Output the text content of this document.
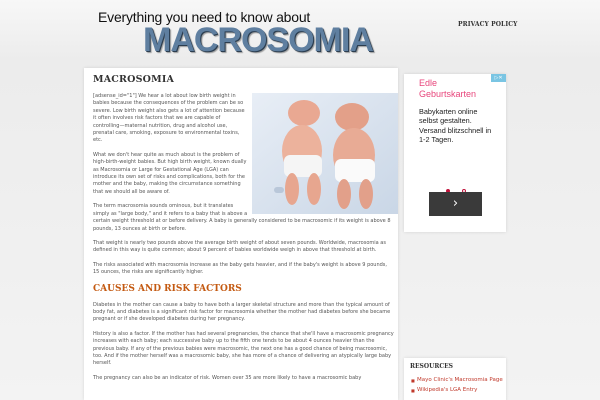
Everything you need to know about
MACROSOMIA	PRIVACY POLICY
MACROSOMIA

[adsense_id="1"] We hear a lot about low birth weight in babies because the consequences of the problem can be so severe. Low birth weight also gets a lot of attention because it often involves risk factors that we are capable of controlling—maternal nutrition, drug and alcohol use, prenatal care, smoking, exposure to environmental toxins, etc.

What we don't hear quite as much about is the problem of high-birth-weight babies. But high birth weight, known dually as Macrosomia or Large for Gestational Age (LGA) can introduce its own set of risks and complications, both for the mother and the baby, making the circumstance something that we should all be aware of.

The term macrosomia sounds ominous, but it translates simply as "large body," and it refers to a baby that is above a certain weight threshold at or before delivery. A baby is generally considered to be macrosomic if its weight is above 8 pounds, 13 ounces at birth or before.

That weight is nearly two pounds above the average birth weight of about seven pounds. Worldwide, macrosomia as defined in this way is quite common; about 9 percent of babies worldwide weigh in above that threshold at birth.

The risks associated with macrosomia increase as the baby gets heavier, and if the baby's weight is above 9 pounds, 15 ounces, the risks are significantly higher.

CAUSES AND RISK FACTORS

Diabetes in the mother can cause a baby to have both a larger skeletal structure and more than the typical amount of body fat, and diabetes is a significant risk factor for macrosomia whether the mother had diabetes before she became pregnant or if she developed diabetes during her pregnancy.

History is also a factor. If the mother has had several pregnancies, the chance that she'll have a macrosomic pregnancy increases with each baby; each successive baby up to the fifth one tends to be about 4 ounces heavier than the previous baby. If any of the previous babies were macrosomic, the next one has a good chance of being macrosomic, too. And if the mother herself was a macrosomic baby, she has more of a chance of delivering an atypically large baby herself.

The pregnancy can also be an indicator of risk. Women over 35 are more likely to have a macrosomic baby

▷✕
Edle Geburtskarten
Babykarten online selbst gestalten. Versand blitzschnell in 1-2 Tagen.

›
RESOURCES
■ Mayo Clinic's Macrosomia Page
■ Wikipedia's LGA Entry
